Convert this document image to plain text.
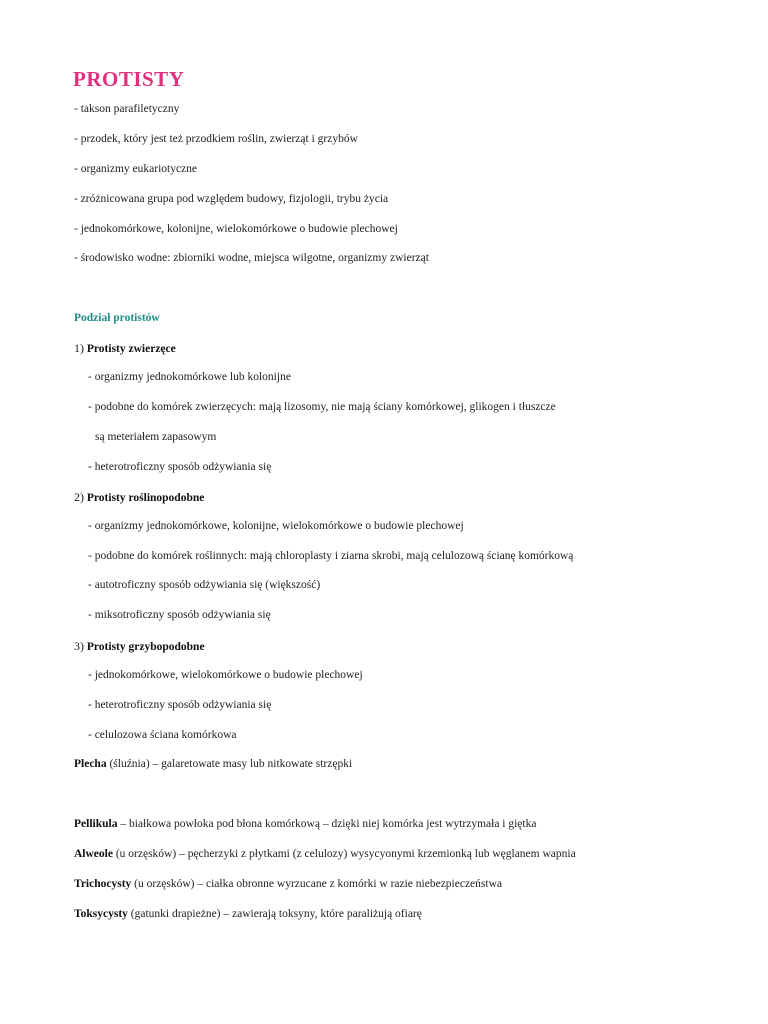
PROTISTY
- takson parafiletyczny
- przodek, który jest też przodkiem roślin, zwierząt i grzybów
- organizmy eukariotyczne
- zróżnicowana grupa pod względem budowy, fizjologii, trybu życia
- jednokomórkowe, kolonijne, wielokomórkowe o budowie plechowej
- środowisko wodne: zbiorniki wodne, miejsca wilgotne, organizmy zwierząt
Podział protistów
1) Protisty zwierzęce
- organizmy jednokomórkowe lub kolonijne
- podobne do komórek zwierzęcych: mają lizosomy, nie mają ściany komórkowej, glikogen i tłuszcze
są meteriałem zapasowym
- heterotroficzny sposób odżywiania się
2) Protisty roślinopodobne
- organizmy jednokomórkowe, kolonijne, wielokomórkowe o budowie plechowej
- podobne do komórek roślinnych: mają chloroplasty i ziarna skrobi, mają celulozową ścianę komórkową
- autotroficzny sposób odżywiania się (większość)
- miksotroficzny sposób odżywiania się
3) Protisty grzybopodobne
- jednokomórkowe, wielokomórkowe o budowie plechowej
- heterotroficzny sposób odżywiania się
- celulozowa ściana komórkowa
Plecha (śluźnia) – galaretowate masy lub nitkowate strzępki
Pellikula – białkowa powłoka pod błona komórkową – dzięki niej komórka jest wytrzymała i giętka
Alweole (u orzęsków) – pęcherzyki z płytkami (z celulozy) wysycyonymi krzemionką lub węglanem wapnia
Trichocysty (u orzęsków) – ciałka obronne wyrzucane z komórki w razie niebezpieczeństwa
Toksycysty (gatunki drapieżne) – zawierają toksyny, które paraliżują ofiarę
